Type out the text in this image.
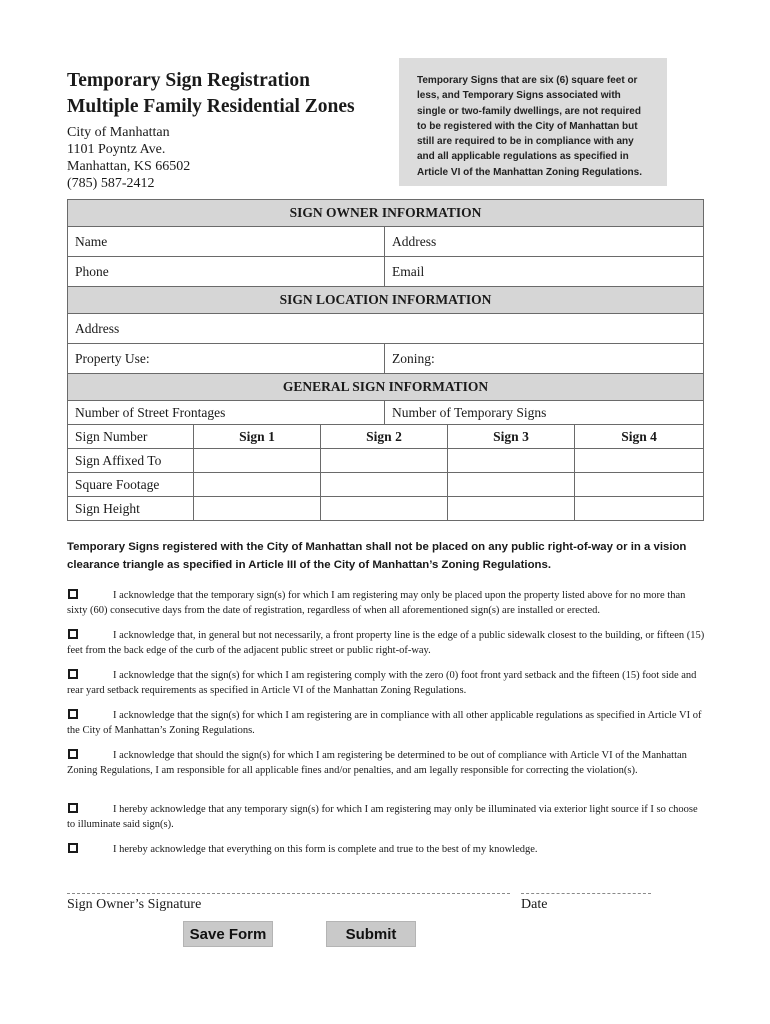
Temporary Sign Registration
Multiple Family Residential Zones
City of Manhattan
1101 Poyntz Ave.
Manhattan, KS 66502
(785) 587-2412
Temporary Signs that are six (6) square feet or less, and Temporary Signs associated with single or two-family dwellings, are not required to be registered with the City of Manhattan but still are required to be in compliance with any and all applicable regulations as specified in Article VI of the Manhattan Zoning Regulations.
SIGN OWNER INFORMATION					
Name			Address		
Phone			Email		
SIGN LOCATION INFORMATION					
Address					
Property Use:			Zoning:		
GENERAL SIGN INFORMATION					
Number of Street Frontages			Number of Temporary Signs		
Sign Number	Sign 1	Sign 2		Sign 3	Sign 4
Sign Affixed To					
Square Footage					
Sign Height					
Temporary Signs registered with the City of Manhattan shall not be placed on any public right-of-way or in a vision clearance triangle as specified in Article III of the City of Manhattan’s Zoning Regulations.
I acknowledge that the temporary sign(s) for which I am registering may only be placed upon the property listed above for no more than sixty (60) consecutive days from the date of registration, regardless of when all aforementioned sign(s) are installed or erected.
I acknowledge that, in general but not necessarily, a front property line is the edge of a public sidewalk closest to the building, or fifteen (15) feet from the back edge of the curb of the adjacent public street or public right-of-way.
I acknowledge that the sign(s) for which I am registering comply with the zero (0) foot front yard setback and the fifteen (15) foot side and rear yard setback requirements as specified in Article VI of the Manhattan Zoning Regulations.
I acknowledge that the sign(s) for which I am registering are in compliance with all other applicable regulations as specified in Article VI of the City of Manhattan’s Zoning Regulations.
I acknowledge that should the sign(s) for which I am registering be determined to be out of compliance with Article VI of the Manhattan Zoning Regulations, I am responsible for all applicable fines and/or penalties, and am legally responsible for correcting the violation(s).
I hereby acknowledge that any temporary sign(s) for which I am registering may only be illuminated via exterior light source if I so choose to illuminate said sign(s).
I hereby acknowledge that everything on this form is complete and true to the best of my knowledge.
Sign Owner’s Signature	Date
Save Form	Submit
